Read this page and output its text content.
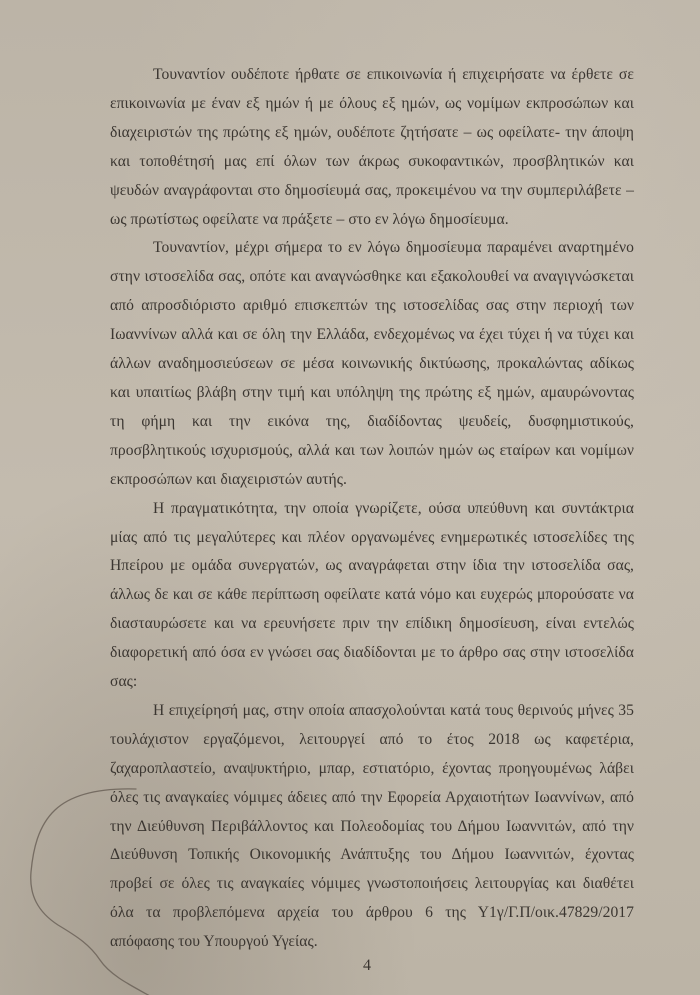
Τουναντίον ουδέποτε ήρθατε σε επικοινωνία ή επιχειρήσατε να έρθετε σε
επικοινωνία με έναν εξ ημών ή με όλους εξ ημών, ως νομίμων εκπροσώπων και
διαχειριστών της πρώτης εξ ημών, ουδέποτε ζητήσατε – ως οφείλατε- την άποψη
και τοποθέτησή μας επί όλων των άκρως συκοφαντικών, προσβλητικών και
ψευδών αναγράφονται στο δημοσίευμά σας, προκειμένου να την συμπεριλάβετε –
ως πρωτίστως οφείλατε να πράξετε – στο εν λόγω δημοσίευμα.

Τουναντίον, μέχρι σήμερα το εν λόγω δημοσίευμα παραμένει αναρτημένο
στην ιστοσελίδα σας, οπότε και αναγνώσθηκε και εξακολουθεί να αναγιγνώσκεται
από απροσδιόριστο αριθμό επισκεπτών της ιστοσελίδας σας στην περιοχή των
Ιωαννίνων αλλά και σε όλη την Ελλάδα, ενδεχομένως να έχει τύχει ή να τύχει και
άλλων αναδημοσιεύσεων σε μέσα κοινωνικής δικτύωσης, προκαλώντας αδίκως
και υπαιτίως βλάβη στην τιμή και υπόληψη της πρώτης εξ ημών, αμαυρώνοντας
τη φήμη και την εικόνα της, διαδίδοντας ψευδείς, δυσφημιστικούς,
προσβλητικούς ισχυρισμούς, αλλά και των λοιπών ημών ως εταίρων και νομίμων
εκπροσώπων και διαχειριστών αυτής.

Η πραγματικότητα, την οποία γνωρίζετε, ούσα υπεύθυνη και συντάκτρια
μίας από τις μεγαλύτερες και πλέον οργανωμένες ενημερωτικές ιστοσελίδες της
Ηπείρου με ομάδα συνεργατών, ως αναγράφεται στην ίδια την ιστοσελίδα σας,
άλλως δε και σε κάθε περίπτωση οφείλατε κατά νόμο και ευχερώς μπορούσατε να
διασταυρώσετε και να ερευνήσετε πριν την επίδικη δημοσίευση, είναι εντελώς
διαφορετική από όσα εν γνώσει σας διαδίδονται με το άρθρο σας στην ιστοσελίδα
σας:

Η επιχείρησή μας, στην οποία απασχολούνται κατά τους θερινούς μήνες 35
τουλάχιστον εργαζόμενοι, λειτουργεί από το έτος 2018 ως καφετέρια,
ζαχαροπλαστείο, αναψυκτήριο, μπαρ, εστιατόριο, έχοντας προηγουμένως λάβει
όλες τις αναγκαίες νόμιμες άδειες από την Εφορεία Αρχαιοτήτων Ιωαννίνων, από
την Διεύθυνση Περιβάλλοντος και Πολεοδομίας του Δήμου Ιωαννιτών, από την
Διεύθυνση Τοπικής Οικονομικής Ανάπτυξης του Δήμου Ιωαννιτών, έχοντας
προβεί σε όλες τις αναγκαίες νόμιμες γνωστοποιήσεις λειτουργίας και διαθέτει
όλα τα προβλεπόμενα αρχεία του άρθρου 6 της Υ1γ/Γ.Π/οικ.47829/2017
απόφασης του Υπουργού Υγείας.

4
